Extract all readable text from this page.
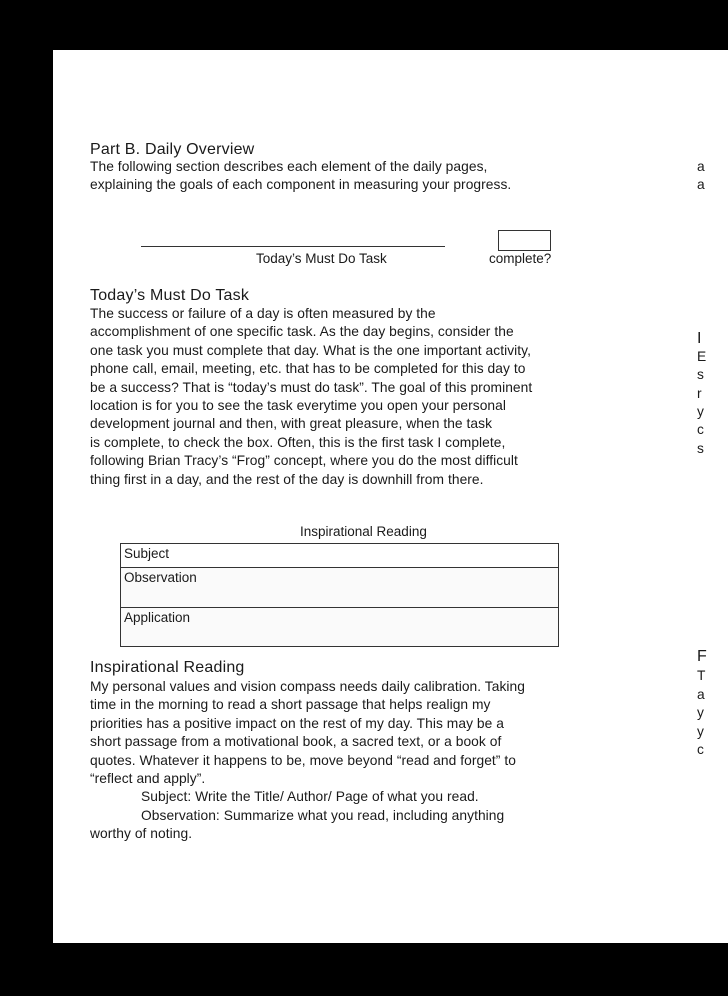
Part B. Daily Overview

The following section describes each element of the daily pages,

explaining the goals of each component in measuring your progress.

Today’s Must Do Task	complete?
Today’s Must Do Task

The success or failure of a day is often measured by the

accomplishment of one specific task. As the day begins, consider the

one task you must complete that day. What is the one important activity,

phone call, email, meeting, etc. that has to be completed for this day to

be a success? That is “today’s must do task”. The goal of this prominent

location is for you to see the task everytime you open your personal

development journal and then, with great pleasure, when the task

is complete, to check the box. Often, this is the first task I complete,

following Brian Tracy’s “Frog” concept, where you do the most difficult

thing first in a day, and the rest of the day is downhill from there.

Inspirational Reading
Subject
Observation
Application
Inspirational Reading

My personal values and vision compass needs daily calibration. Taking

time in the morning to read a short passage that helps realign my

priorities has a positive impact on the rest of my day. This may be a

short passage from a motivational book, a sacred text, or a book of

quotes. Whatever it happens to be, move beyond “read and forget” to

“reflect and apply”.

Subject: Write the Title/ Author/ Page of what you read.

Observation: Summarize what you read, including anything

worthy of noting.

a
a
I
E
s
r
y
c
s
F
T
a
y
y
c
